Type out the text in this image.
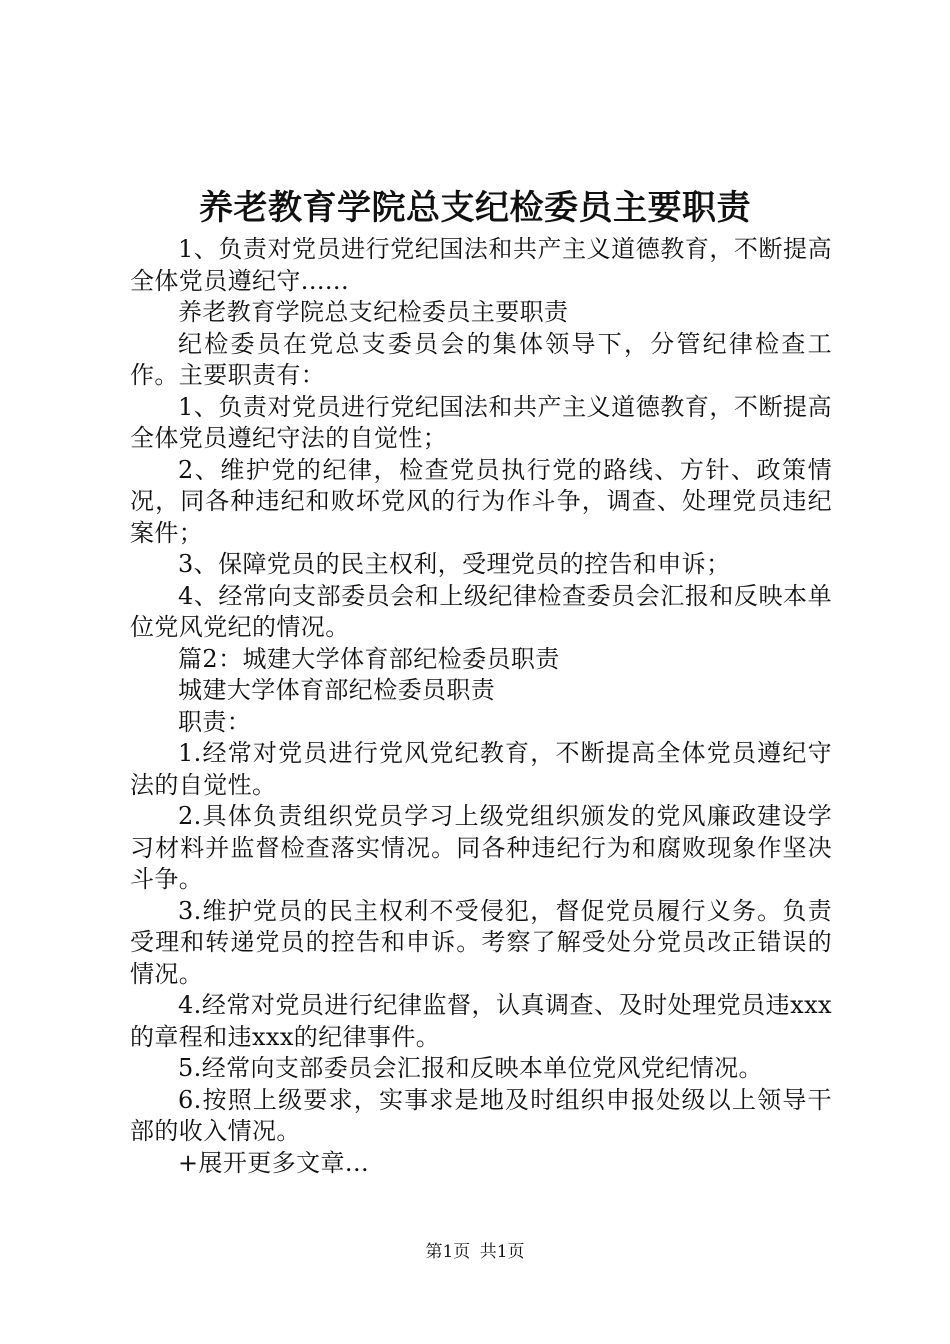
养老教育学院总支纪检委员主要职责

1、负责对党员进行党纪国法和共产主义道德教育，不断提高全体党员遵纪守......

养老教育学院总支纪检委员主要职责

纪检委员在党总支委员会的集体领导下，分管纪律检查工作。主要职责有：

1、负责对党员进行党纪国法和共产主义道德教育，不断提高全体党员遵纪守法的自觉性；

2、维护党的纪律，检查党员执行党的路线、方针、政策情况，同各种违纪和败坏党风的行为作斗争，调查、处理党员违纪案件；

3、保障党员的民主权利，受理党员的控告和申诉；

4、经常向支部委员会和上级纪律检查委员会汇报和反映本单位党风党纪的情况。

篇2：城建大学体育部纪检委员职责

城建大学体育部纪检委员职责

职责：

1.经常对党员进行党风党纪教育，不断提高全体党员遵纪守法的自觉性。

2.具体负责组织党员学习上级党组织颁发的党风廉政建设学习材料并监督检查落实情况。同各种违纪行为和腐败现象作坚决斗争。

3.维护党员的民主权利不受侵犯，督促党员履行义务。负责受理和转递党员的控告和申诉。考察了解受处分党员改正错误的情况。

4.经常对党员进行纪律监督，认真调查、及时处理党员违xxx的章程和违xxx的纪律事件。

5.经常向支部委员会汇报和反映本单位党风党纪情况。

6.按照上级要求，实事求是地及时组织申报处级以上领导干部的收入情况。

+展开更多文章...

第1页 共1页
